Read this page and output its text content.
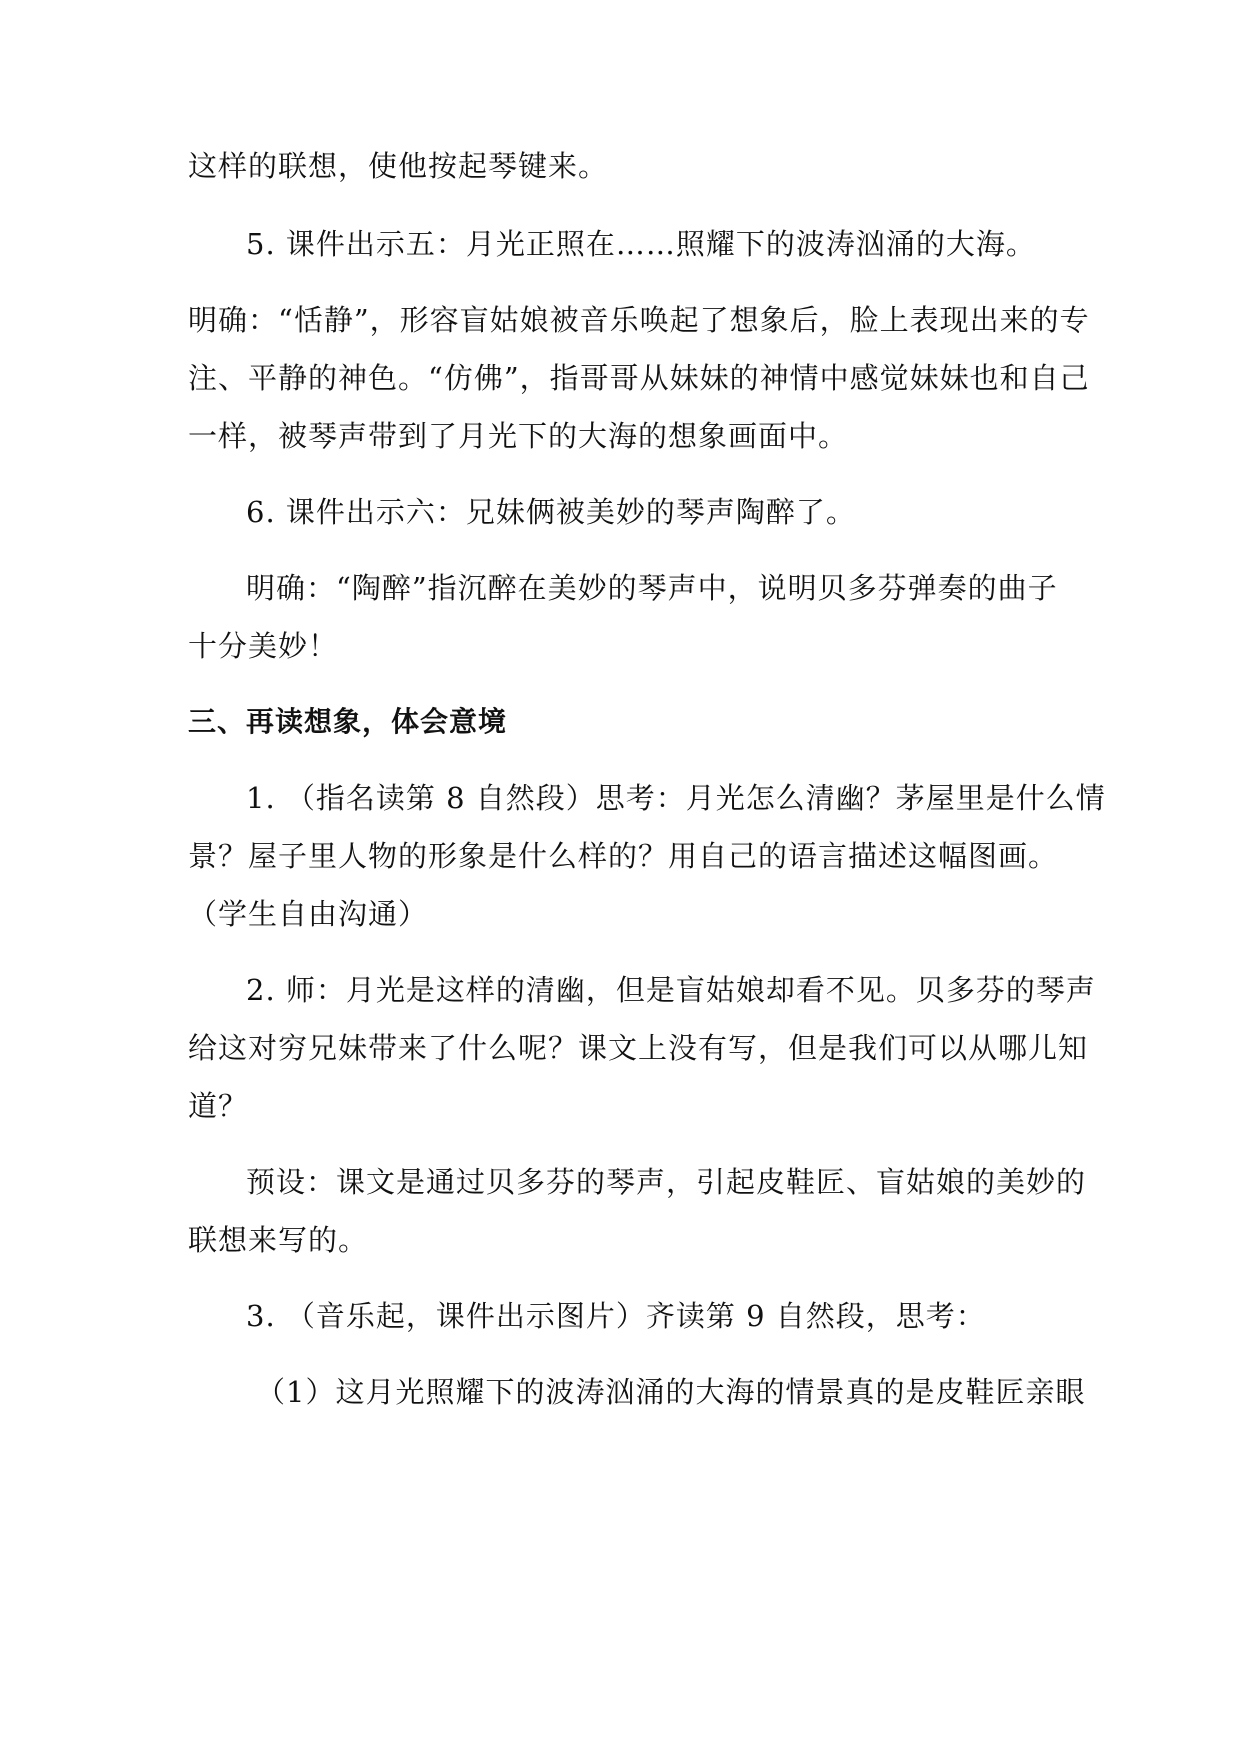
这样的联想，使他按起琴键来。
5. 课件出示五：月光正照在……照耀下的波涛汹涌的大海。
明确：“恬静”，形容盲姑娘被音乐唤起了想象后，脸上表现出来的专
注、平静的神色。“仿佛”，指哥哥从妹妹的神情中感觉妹妹也和自己
一样，被琴声带到了月光下的大海的想象画面中。
6. 课件出示六：兄妹俩被美妙的琴声陶醉了。
明确：“陶醉”指沉醉在美妙的琴声中，说明贝多芬弹奏的曲子
十分美妙！
三、再读想象，体会意境
1. （指名读第 8 自然段）思考：月光怎么清幽？茅屋里是什么情
景？屋子里人物的形象是什么样的？用自己的语言描述这幅图画。
（学生自由沟通）
2. 师：月光是这样的清幽，但是盲姑娘却看不见。贝多芬的琴声
给这对穷兄妹带来了什么呢？课文上没有写，但是我们可以从哪儿知
道？
预设：课文是通过贝多芬的琴声，引起皮鞋匠、盲姑娘的美妙的
联想来写的。
3. （音乐起，课件出示图片）齐读第 9 自然段，思考：
（1）这月光照耀下的波涛汹涌的大海的情景真的是皮鞋匠亲眼
